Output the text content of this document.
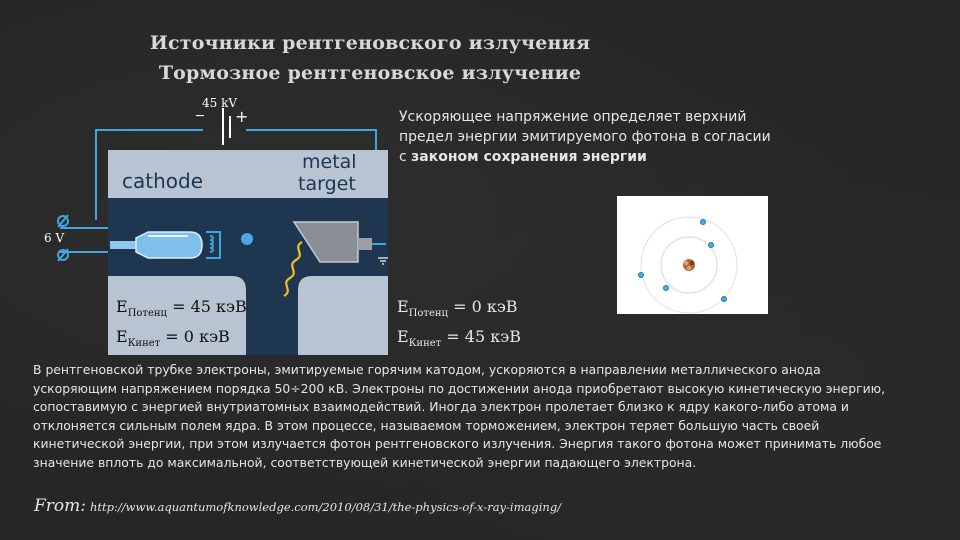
Источники рентгеновского излучения
Тормозное рентгеновское излучение
45 kV
─ +
6 V
cathode
metal
target
$E_{Потенц} = 45$ кэВ
$E_{Кинет} = 0$ кэВ
$E_{Потенц} = 0$ кэВ
$E_{Кинет} = 45$ кэВ
Ускоряющее напряжение определяет верхний предел энергии эмитируемого фотона в согласии с законом сохранения энергии
В рентгеновской трубке электроны, эмитируемые горячим катодом, ускоряются в направлении металлического анода ускоряющим напряжением порядка 50÷200 кВ. Электроны по достижении анода приобретают высокую кинетическую энергию, сопоставимую с энергией внутриатомных взаимодействий. Иногда электрон пролетает близко к ядру какого-либо атома и отклоняется сильным полем ядра. В этом процессе, называемом торможением, электрон теряет большую часть своей кинетической энергии, при этом излучается фотон рентгеновского излучения. Энергия такого фотона может принимать любое значение вплоть до максимальной, соответствующей кинетической энергии падающего электрона.
From: http://www.aquantumofknowledge.com/2010/08/31/the-physics-of-x-ray-imaging/
